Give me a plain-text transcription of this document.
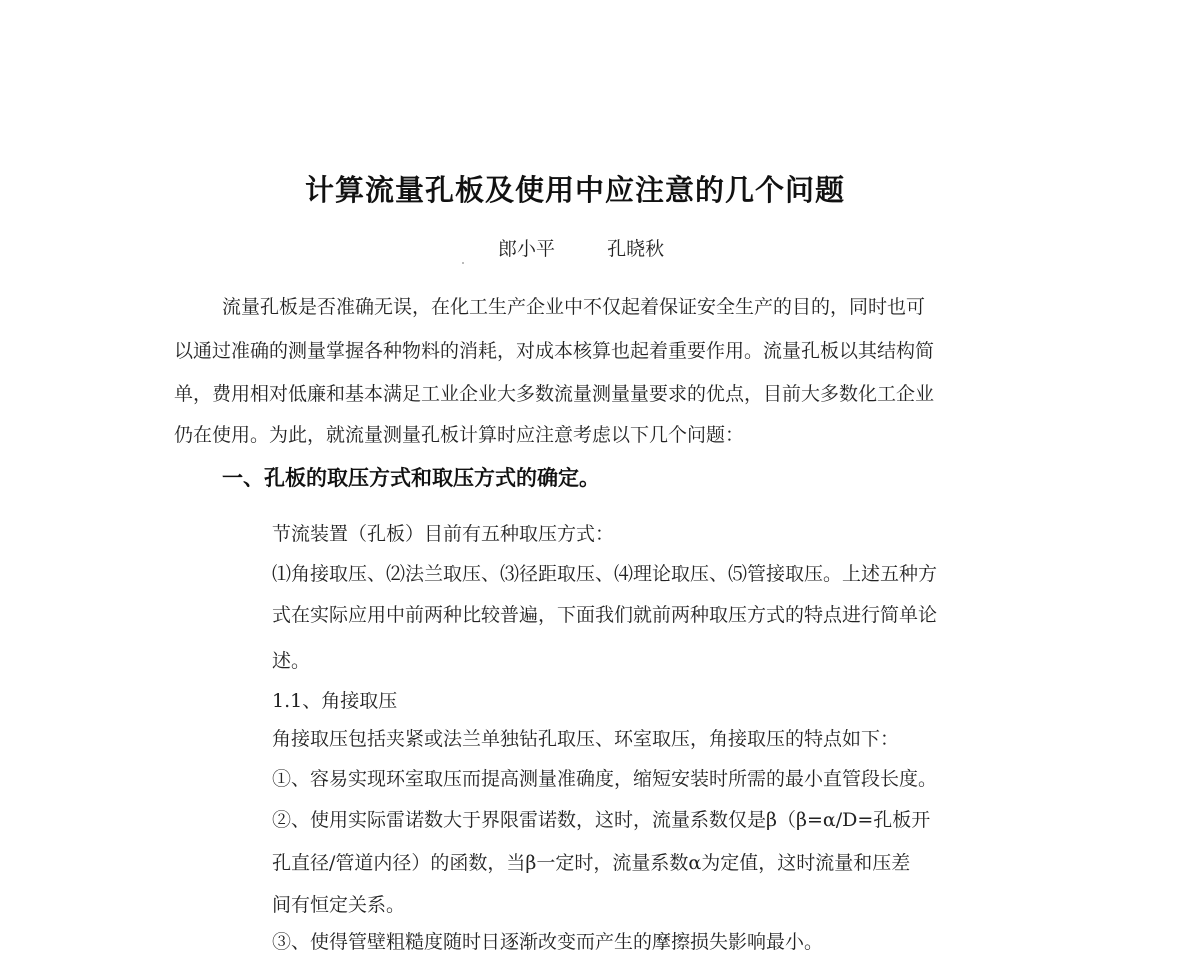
计算流量孔板及使用中应注意的几个问题
郎小平	孔晓秋
流量孔板是否准确无误，在化工生产企业中不仅起着保证安全生产的目的，同时也可
以通过准确的测量掌握各种物料的消耗，对成本核算也起着重要作用。流量孔板以其结构简
单，费用相对低廉和基本满足工业企业大多数流量测量量要求的优点，目前大多数化工企业
仍在使用。为此，就流量测量孔板计算时应注意考虑以下几个问题：
一、孔板的取压方式和取压方式的确定。
节流装置（孔板）目前有五种取压方式：
⑴角接取压、⑵法兰取压、⑶径距取压、⑷理论取压、⑸管接取压。上述五种方
式在实际应用中前两种比较普遍，下面我们就前两种取压方式的特点进行简单论
述。
1.1、角接取压
角接取压包括夹紧或法兰单独钻孔取压、环室取压，角接取压的特点如下：
①、容易实现环室取压而提高测量准确度，缩短安装时所需的最小直管段长度。
②、使用实际雷诺数大于界限雷诺数，这时，流量系数仅是β（β=α/D=孔板开
孔直径/管道内径）的函数，当β一定时，流量系数α为定值，这时流量和压差
间有恒定关系。
③、使得管壁粗糙度随时日逐渐改变而产生的摩擦损失影响最小。
